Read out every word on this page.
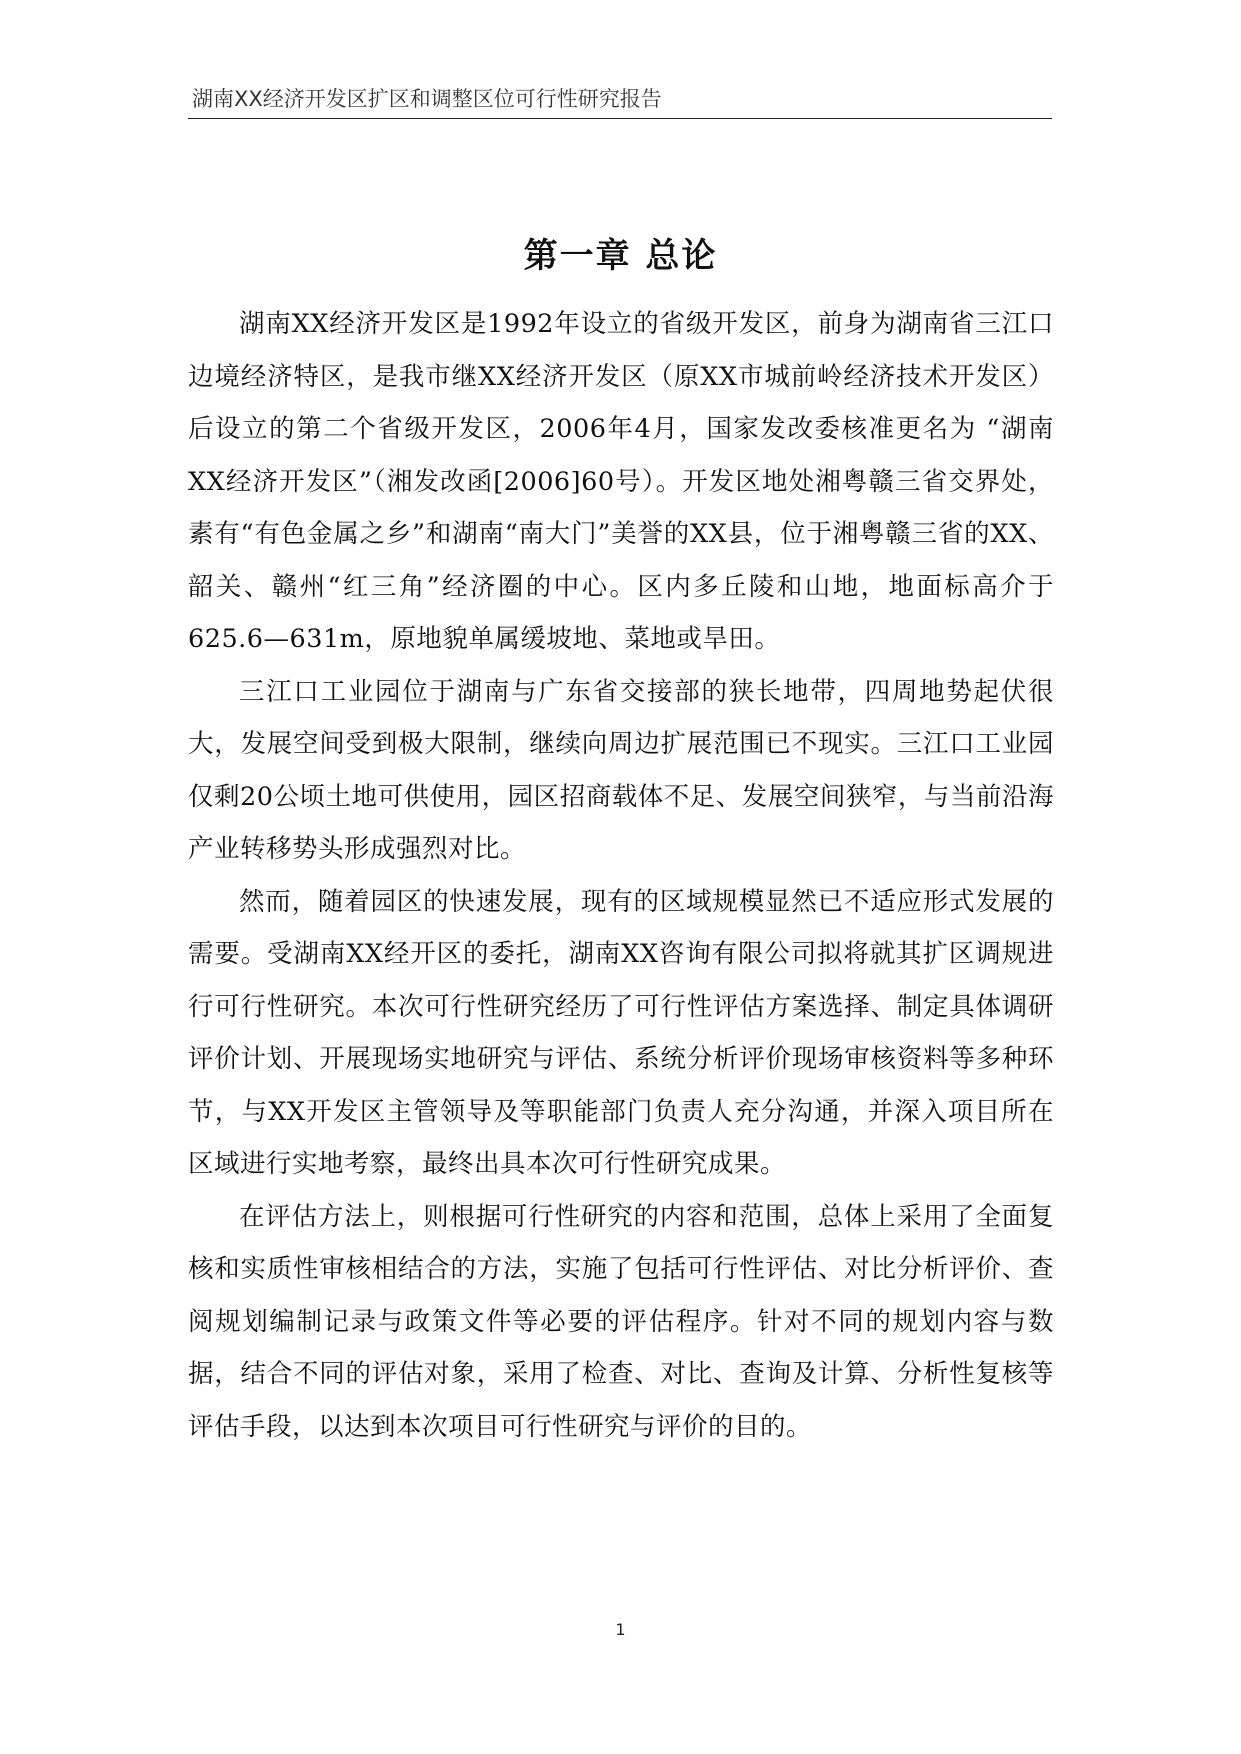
湖南XX经济开发区扩区和调整区位可行性研究报告
第一章 总论

湖南XX经济开发区是1992年设立的省级开发区，前身为湖南省三江口边境经济特区，是我市继XX经济开发区（原XX市城前岭经济技术开发区）后设立的第二个省级开发区，2006年4月，国家发改委核准更名为 “湖南XX经济开发区”（湘发改函[2006]60号）。开发区地处湘粤赣三省交界处，素有“有色金属之乡”和湖南“南大门”美誉的XX县，位于湘粤赣三省的XX、韶关、赣州“红三角”经济圈的中心。区内多丘陵和山地，地面标高介于625.6—631m，原地貌单属缓坡地、菜地或旱田。

三江口工业园位于湖南与广东省交接部的狭长地带，四周地势起伏很大，发展空间受到极大限制，继续向周边扩展范围已不现实。三江口工业园仅剩20公顷土地可供使用，园区招商载体不足、发展空间狭窄，与当前沿海产业转移势头形成强烈对比。

然而，随着园区的快速发展，现有的区域规模显然已不适应形式发展的需要。受湖南XX经开区的委托，湖南XX咨询有限公司拟将就其扩区调规进行可行性研究。本次可行性研究经历了可行性评估方案选择、制定具体调研评价计划、开展现场实地研究与评估、系统分析评价现场审核资料等多种环节，与XX开发区主管领导及等职能部门负责人充分沟通，并深入项目所在区域进行实地考察，最终出具本次可行性研究成果。

在评估方法上，则根据可行性研究的内容和范围，总体上采用了全面复核和实质性审核相结合的方法，实施了包括可行性评估、对比分析评价、查阅规划编制记录与政策文件等必要的评估程序。针对不同的规划内容与数据，结合不同的评估对象，采用了检查、对比、查询及计算、分析性复核等评估手段，以达到本次项目可行性研究与评价的目的。

1
